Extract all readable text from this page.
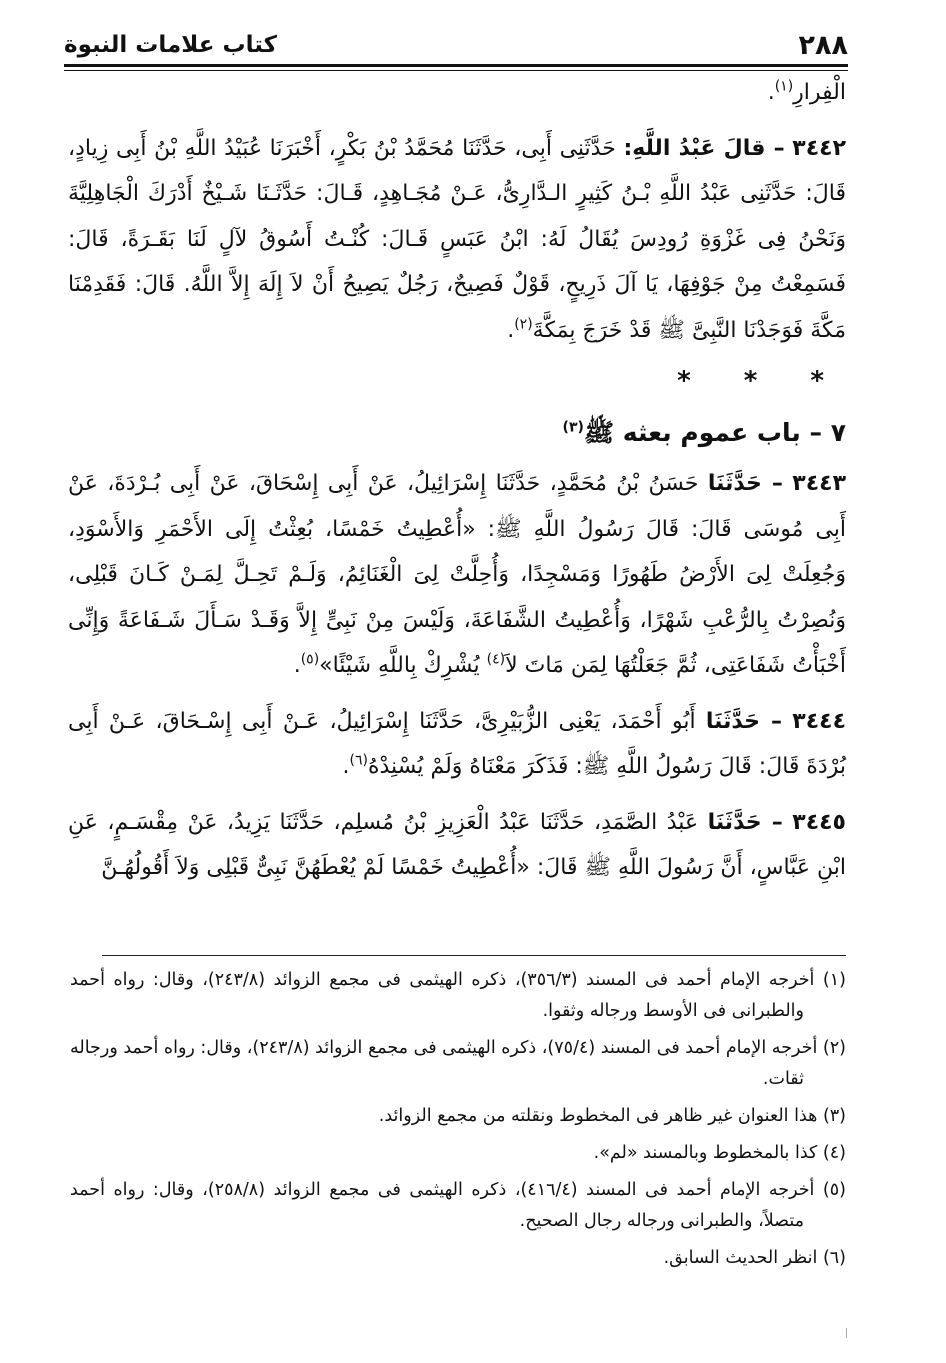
٢٨٨
كتاب علامات النبوة

الْفِرارِ$^{(١)}$.

٣٤٤٢ – قالَ عَبْدُ اللَّهِ: حَدَّثَنِى أَبِى، حَدَّثَنَا مُحَمَّدُ بْنُ بَكْرٍ، أَخْبَرَنَا عُبَيْدُ اللَّهِ بْنُ أَبِى زِيادٍ، قَالَ: حَدَّثَنِى عَبْدُ اللَّهِ بْـنُ كَثِيرٍ الـدَّارِىُّ، عَـنْ مُجَـاهِدٍ، قَـالَ: حَدَّثَـنَا شَـيْخٌ أَدْرَكَ الْجَاهِلِيَّةَ وَنَحْنُ فِى غَزْوَةِ رُودِسَ يُقَالُ لَهُ: ابْنُ عَبَسٍ قَـالَ: كُنْـتُ أَسُوقُ لآلٍ لَنَا بَقَـرَةً، قَالَ: فَسَمِعْتُ مِنْ جَوْفِهَا، يَا آلَ ذَرِيحٍ، قَوْلٌ فَصِيحٌ، رَجُلٌ يَصِيحُ أَنْ لاَ إِلَهَ إِلاَّ اللَّهُ. قَالَ: فَقَدِمْنَا مَكَّةَ فَوَجَدْنَا النَّبِىَّ ﷺ قَدْ خَرَجَ بِمَكَّةَ$^{(٢)}$.

* * *
٧ – باب عموم بعثه ﷺ$^{(٣)}$

٣٤٤٣ – حَدَّثَنَا حَسَنُ بْنُ مُحَمَّدٍ، حَدَّثَنَا إِسْرَائِيلُ، عَنْ أَبِى إِسْحَاقَ، عَنْ أَبِى بُـرْدَةَ، عَنْ أَبِى مُوسَى قَالَ: قَالَ رَسُولُ اللَّهِ ﷺ: «أُعْطِيتُ خَمْسًا، بُعِثْتُ إِلَى الأَحْمَرِ وَالأَسْوَدِ، وَجُعِلَتْ لِىَ الأَرْضُ طَهُورًا وَمَسْجِدًا، وَأُحِلَّتْ لِىَ الْغَنَائِمُ، وَلَـمْ تَحِـلَّ لِمَـنْ كَـانَ قَبْلِى، وَنُصِرْتُ بِالرُّعْبِ شَهْرًا، وَأُعْطِيتُ الشَّفَاعَةَ، وَلَيْسَ مِنْ نَبِىٍّ إِلاَّ وَقَـدْ سَـأَلَ شَـفَاعَةً وَإِنِّى أَخْبَأْتُ شَفَاعَتِى، ثُمَّ جَعَلْتُهَا لِمَن مَاتَ لاَ$^{(٤)}$ يُشْرِكْ بِاللَّهِ شَيْئًا»$^{(٥)}$.

٣٤٤٤ – حَدَّثَنَا أَبُو أَحْمَدَ، يَعْنِى الزُّبَيْرِىَّ، حَدَّثَنَا إِسْرَائِيلُ، عَـنْ أَبِى إِسْـحَاقَ، عَـنْ أَبِى بُرْدَةَ قَالَ: قَالَ رَسُولُ اللَّهِ ﷺ: فَذَكَرَ مَعْنَاهُ وَلَمْ يُسْنِدْهُ$^{(٦)}$.

٣٤٤٥ – حَدَّثَنَا عَبْدُ الصَّمَدِ، حَدَّثَنَا عَبْدُ الْعَزِيزِ بْنُ مُسلِم، حَدَّثَنَا يَزِيدُ، عَنْ مِقْسَـمٍ، عَنِ ابْنِ عَبَّاسٍ، أَنَّ رَسُولَ اللَّهِ ﷺ قَالَ: «أُعْطِيتُ خَمْسًا لَمْ يُعْطَهُنَّ نَبِىٌّ قَبْلِى وَلاَ أَقُولُهُـنَّ

(١) أخرجه الإمام أحمد فى المسند (٣٥٦/٣)، ذكره الهيثمى فى مجمع الزوائد (٢٤٣/٨)، وقال: رواه أحمد والطبرانى فى الأوسط ورجاله وثقوا.

(٢) أخرجه الإمام أحمد فى المسند (٧٥/٤)، ذكره الهيثمى فى مجمع الزوائد (٢٤٣/٨)، وقال: رواه أحمد ورجاله ثقات.

(٣) هذا العنوان غير ظاهر فى المخطوط ونقلته من مجمع الزوائد.

(٤) كذا بالمخطوط وبالمسند «لم».

(٥) أخرجه الإمام أحمد فى المسند (٤١٦/٤)، ذكره الهيثمى فى مجمع الزوائد (٢٥٨/٨)، وقال: رواه أحمد متصلاً، والطبرانى ورجاله رجال الصحيح.

(٦) انظر الحديث السابق.
